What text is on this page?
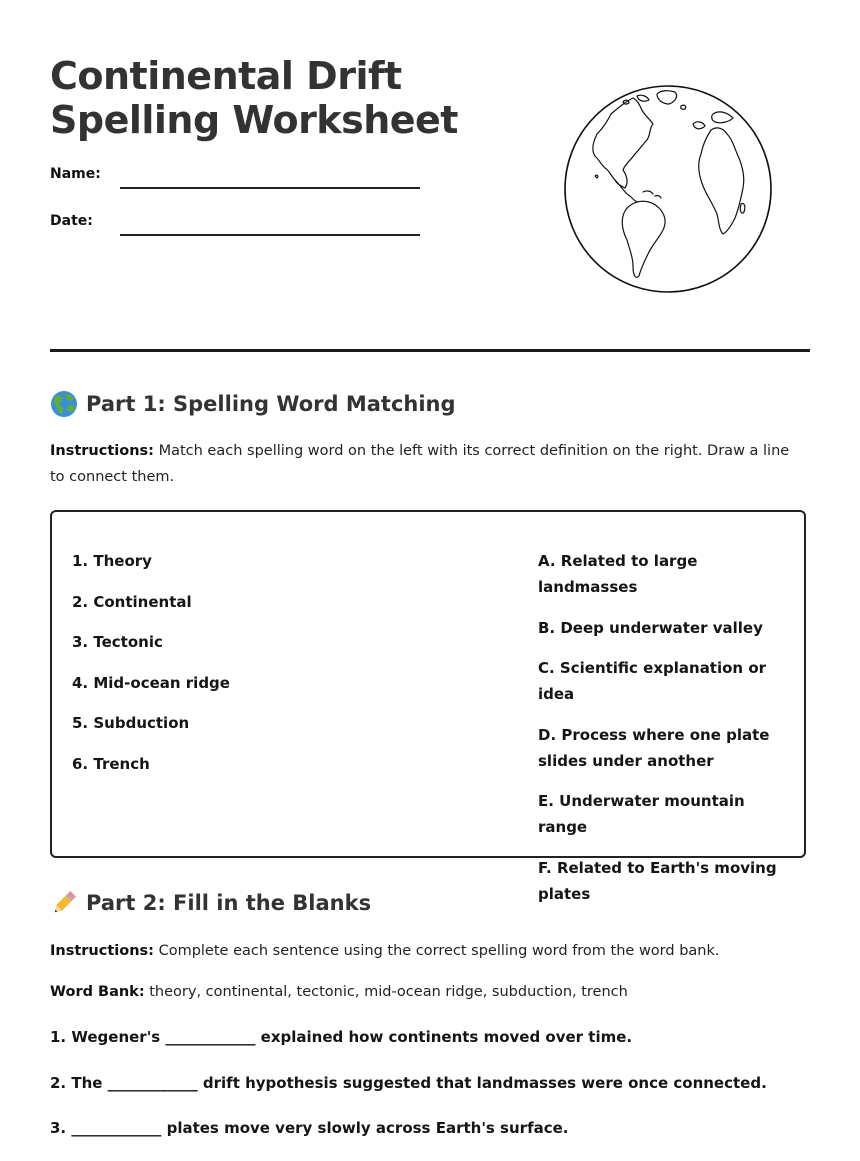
Continental Drift
Spelling Worksheet
Name:
Date:
Part 1: Spelling Word Matching

Instructions: Match each spelling word on the left with its correct definition on the right. Draw a line to connect them.

1. Theory
2. Continental
3. Tectonic
4. Mid-ocean ridge
5. Subduction
6. Trench
A. Related to large landmasses
B. Deep underwater valley
C. Scientific explanation or idea
D. Process where one plate slides under another
E. Underwater mountain range
F. Related to Earth's moving plates
Part 2: Fill in the Blanks

Instructions: Complete each sentence using the correct spelling word from the word bank.

Word Bank: theory, continental, tectonic, mid-ocean ridge, subduction, trench

1. Wegener's ____________ explained how continents moved over time.
2. The ____________ drift hypothesis suggested that landmasses were once connected.
3. ____________ plates move very slowly across Earth's surface.
